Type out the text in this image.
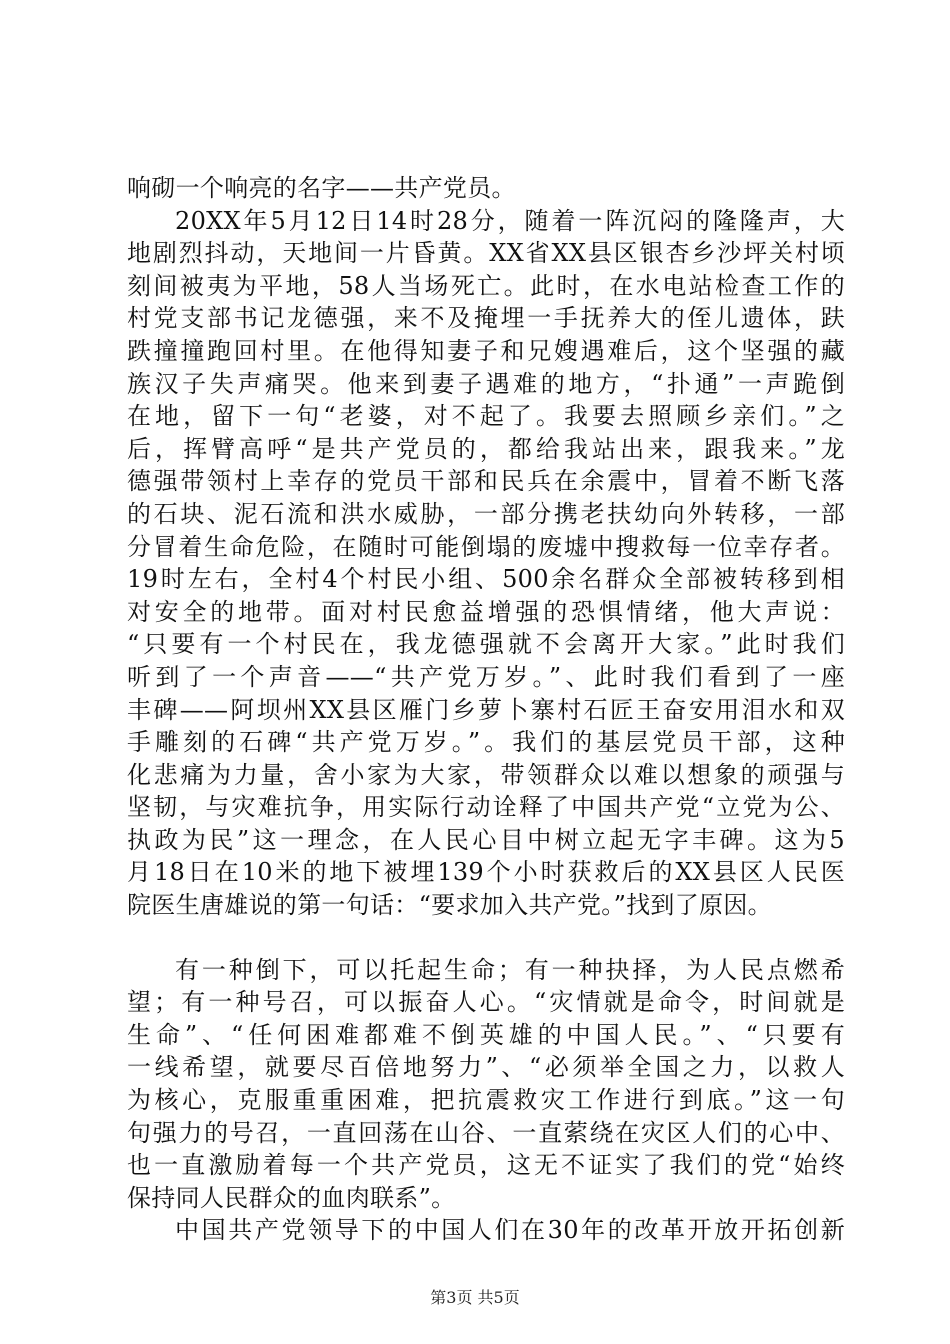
响砌一个响亮的名字——共产党员。
20XX年5月12日14时28分，随着一阵沉闷的隆隆声，大
地剧烈抖动，天地间一片昏黄。XX省XX县区银杏乡沙坪关村顷
刻间被夷为平地，58人当场死亡。此时，在水电站检查工作的
村党支部书记龙德强，来不及掩埋一手抚养大的侄儿遗体，趺
跌撞撞跑回村里。在他得知妻子和兄嫂遇难后，这个坚强的藏
族汉子失声痛哭。他来到妻子遇难的地方，“扑通”一声跪倒
在地，留下一句“老婆，对不起了。我要去照顾乡亲们。”之
后，挥臂高呼“是共产党员的，都给我站出来，跟我来。”龙
德强带领村上幸存的党员干部和民兵在余震中，冒着不断飞落
的石块、泥石流和洪水威胁，一部分携老扶幼向外转移，一部
分冒着生命危险，在随时可能倒塌的废墟中搜救每一位幸存者。
19时左右，全村4个村民小组、500余名群众全部被转移到相
对安全的地带。面对村民愈益增强的恐惧情绪，他大声说：
“只要有一个村民在，我龙德强就不会离开大家。”此时我们
听到了一个声音——“共产党万岁。”、此时我们看到了一座
丰碑——阿坝州XX县区雁门乡萝卜寨村石匠王奋安用泪水和双
手雕刻的石碑“共产党万岁。”。我们的基层党员干部，这种
化悲痛为力量，舍小家为大家，带领群众以难以想象的顽强与
坚韧，与灾难抗争，用实际行动诠释了中国共产党“立党为公、
执政为民”这一理念，在人民心目中树立起无字丰碑。这为5
月18日在10米的地下被埋139个小时获救后的XX县区人民医
院医生唐雄说的第一句话：“要求加入共产党。”找到了原因。
有一种倒下，可以托起生命；有一种抉择，为人民点燃希
望；有一种号召，可以振奋人心。“灾情就是命令，时间就是
生命”、“任何困难都难不倒英雄的中国人民。”、“只要有
一线希望，就要尽百倍地努力”、“必须举全国之力，以救人
为核心，克服重重困难，把抗震救灾工作进行到底。”这一句
句强力的号召，一直回荡在山谷、一直萦绕在灾区人们的心中、
也一直激励着每一个共产党员，这无不证实了我们的党“始终
保持同人民群众的血肉联系”。
中国共产党领导下的中国人们在30年的改革开放开拓创新
第3页 共5页
